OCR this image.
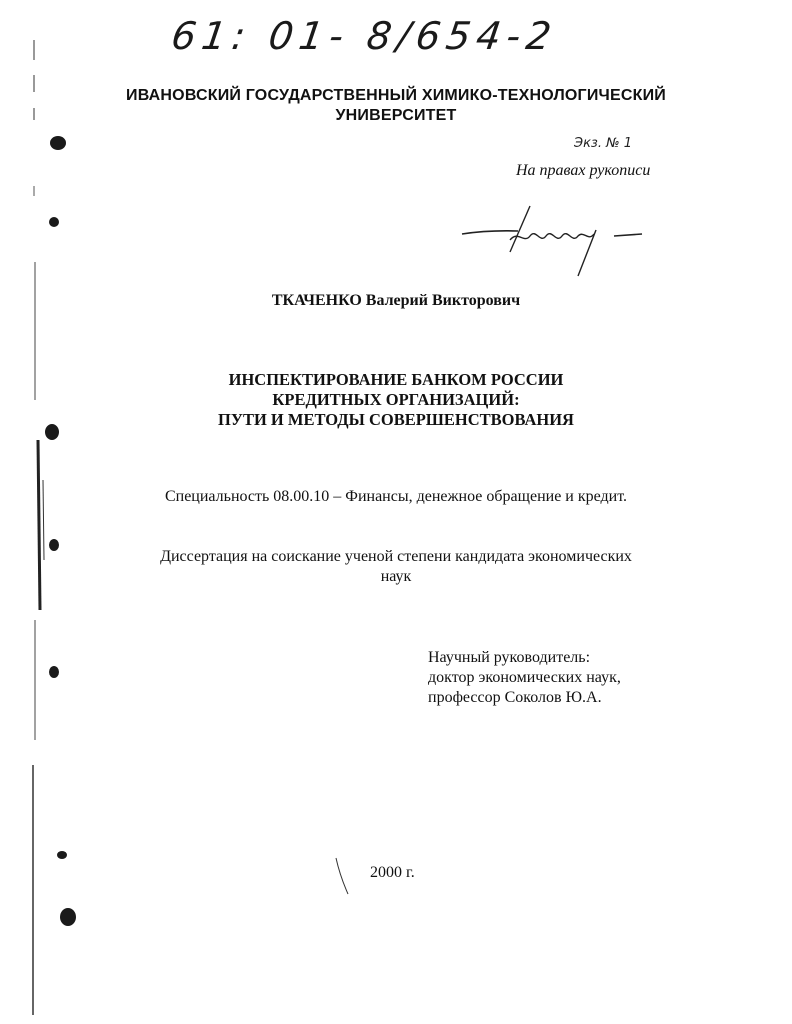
61: 01- 8/654-2
ИВАНОВСКИЙ ГОСУДАРСТВЕННЫЙ ХИМИКО-ТЕХНОЛОГИЧЕСКИЙ
УНИВЕРСИТЕТ
Экз. № 1
На правах рукописи
ТКАЧЕНКО Валерий Викторович
ИНСПЕКТИРОВАНИЕ БАНКОМ РОССИИ
КРЕДИТНЫХ ОРГАНИЗАЦИЙ:
ПУТИ И МЕТОДЫ СОВЕРШЕНСТВОВАНИЯ
Специальность 08.00.10 – Финансы, денежное обращение и кредит.
Диссертация на соискание ученой степени кандидата экономических
наук
Научный руководитель:
доктор экономических наук,
профессор Соколов Ю.А.
2000 г.
